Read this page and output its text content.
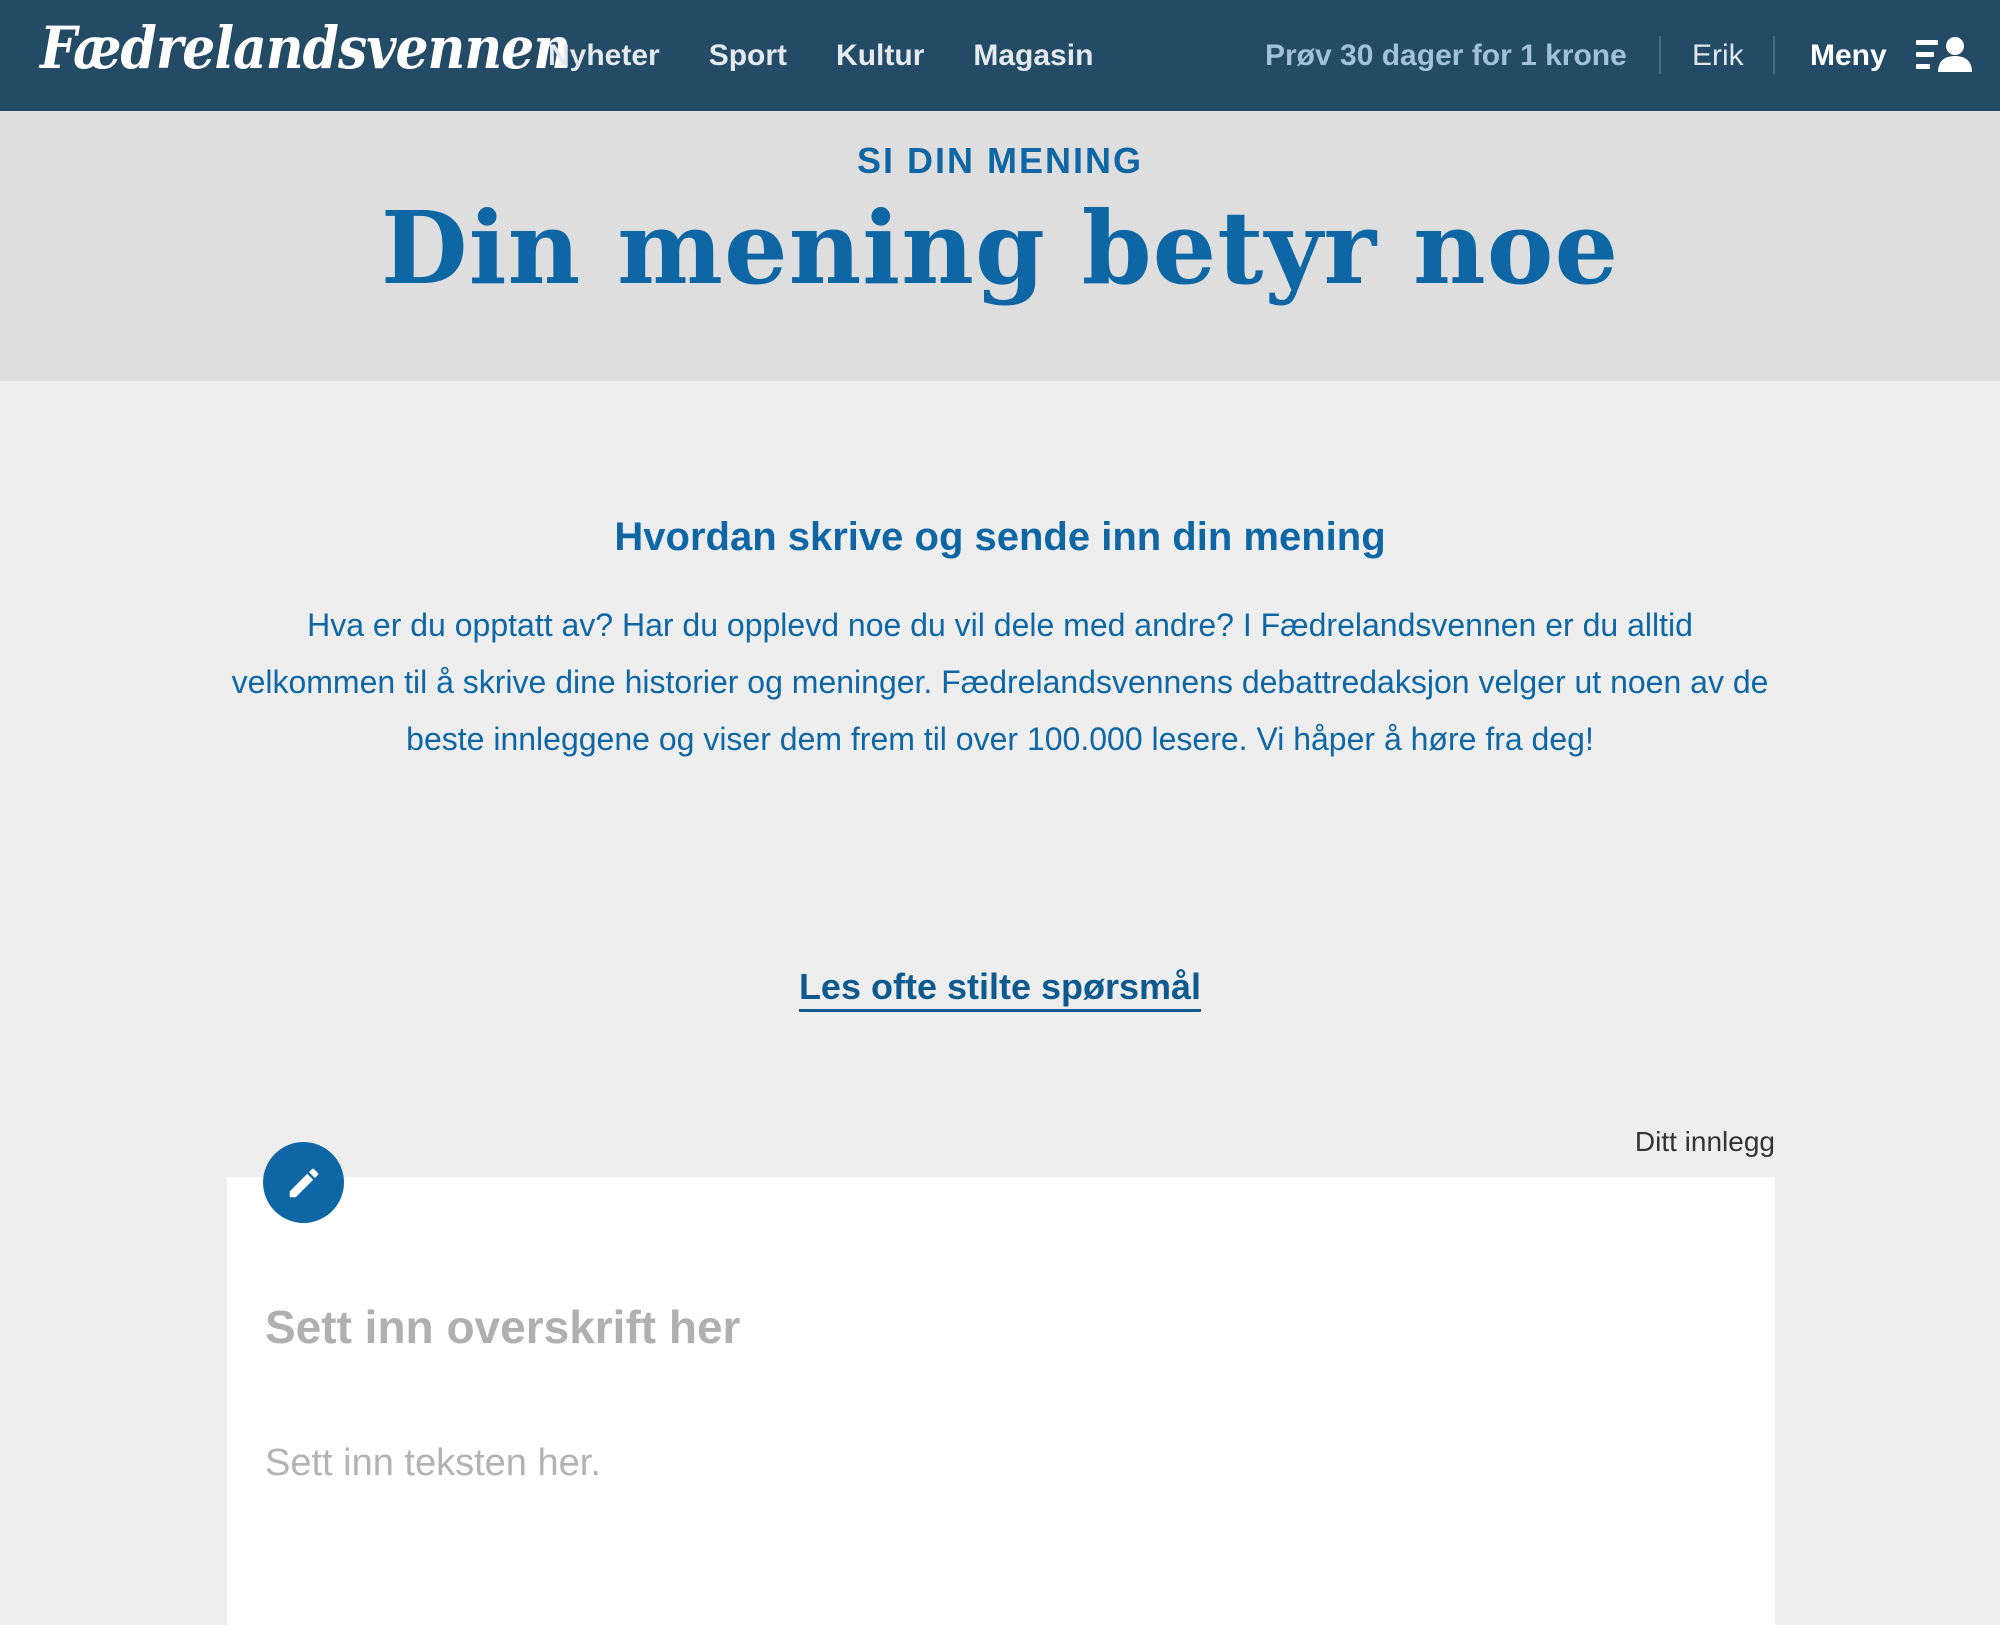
Fædrelandsvennen
Nyheter Sport Kultur Magasin	Prøv 30 dager for 1 krone Erik Meny
SI DIN MENING
Din mening betyr noe
Hvordan skrive og sende inn din mening

Hva er du opptatt av? Har du opplevd noe du vil dele med andre? I Fædrelandsvennen er du alltid velkommen til å skrive dine historier og meninger. Fædrelandsvennens debattredaksjon velger ut noen av de beste innleggene og viser dem frem til over 100.000 lesere. Vi håper å høre fra deg!

Les ofte stilte spørsmål
Ditt innlegg
Sett inn overskrift her
Sett inn teksten her.
